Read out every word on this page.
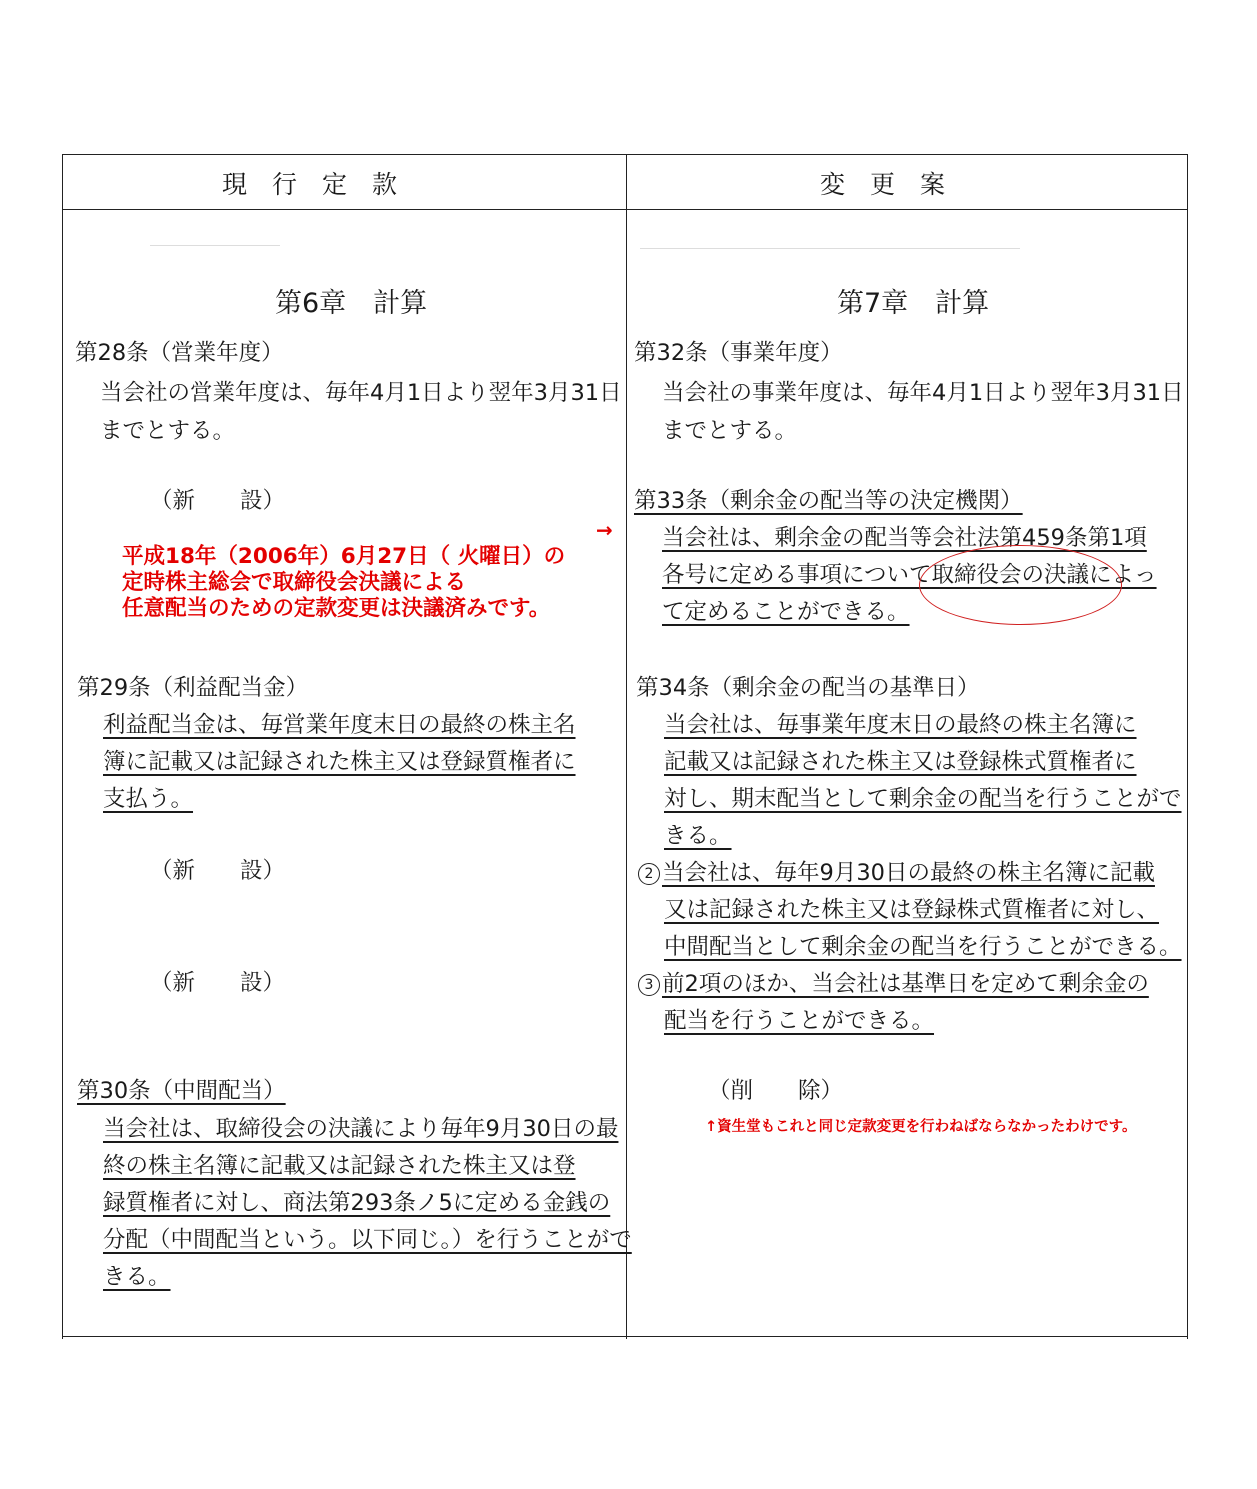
現　行　定　款	変　更　案
第6章　計算
第28条（営業年度）
当会社の営業年度は、毎年4月1日より翌年3月31日
までとする。
（新　　設）
平成18年（2006年）6月27日（ 火曜日）の
定時株主総会で取締役会決議による
任意配当のための定款変更は決議済みです。
→
第29条（利益配当金）
利益配当金は、毎営業年度末日の最終の株主名
簿に記載又は記録された株主又は登録質権者に
支払う。
（新　　設）
（新　　設）
第30条（中間配当）
当会社は、取締役会の決議により毎年9月30日の最
終の株主名簿に記載又は記録された株主又は登
録質権者に対し、商法第293条ノ5に定める金銭の
分配（中間配当という。以下同じ。）を行うことがで
きる。
第7章　計算
第32条（事業年度）
当会社の事業年度は、毎年4月1日より翌年3月31日
までとする。
第33条（剰余金の配当等の決定機関）
当会社は、剰余金の配当等会社法第459条第1項
各号に定める事項について取締役会の決議によっ
て定めることができる。
第34条（剰余金の配当の基準日）
当会社は、毎事業年度末日の最終の株主名簿に
記載又は記録された株主又は登録株式質権者に
対し、期末配当として剰余金の配当を行うことがで
きる。
2 当会社は、毎年9月30日の最終の株主名簿に記載
又は記録された株主又は登録株式質権者に対し、
中間配当として剰余金の配当を行うことができる。
3 前2項のほか、当会社は基準日を定めて剰余金の
配当を行うことができる。
（削　　除）
↑資生堂もこれと同じ定款変更を行わねばならなかったわけです。
